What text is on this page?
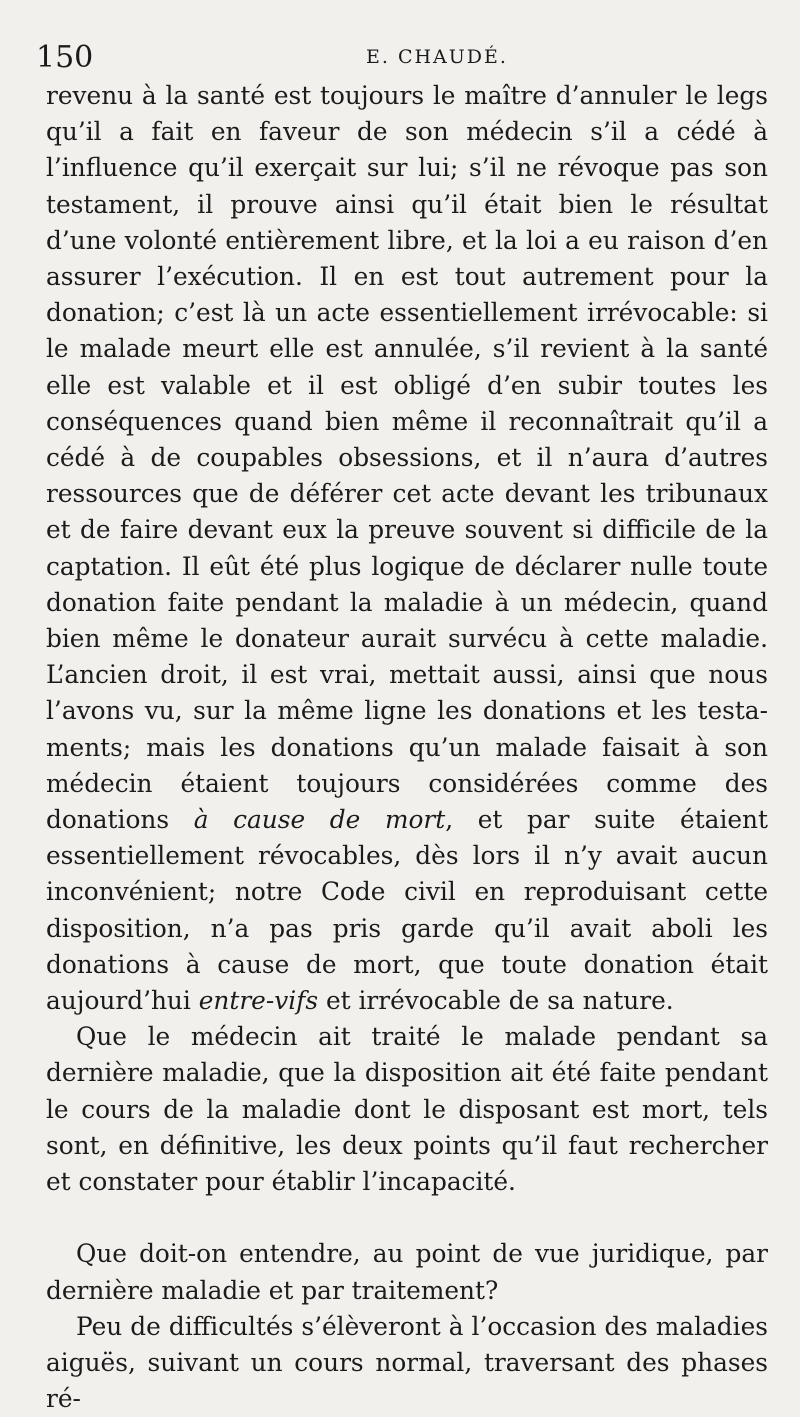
150	E. CHAUDÉ.

revenu à la santé est toujours le maître d’annuler le legs qu’il a fait en faveur de son médecin s’il a cédé à l’influence qu’il exerçait sur lui; s’il ne révoque pas son testament, il prouve ainsi qu’il était bien le résultat d’une volonté entièrement libre, et la loi a eu raison d’en assurer l’exécution. Il en est tout autrement pour la donation; c’est là un acte essentiellement irrévocable: si le malade meurt elle est annulée, s’il revient à la santé elle est valable et il est obligé d’en subir toutes les conséquences quand bien même il reconnaîtrait qu’il a cédé à de coupables obsessions, et il n’aura d’autres ressources que de déférer cet acte devant les tribunaux et de faire devant eux la preuve souvent si difficile de la captation. Il eût été plus logique de déclarer nulle toute donation faite pendant la maladie à un médecin, quand bien même le donateur aurait survécu à cette maladie. L’ancien droit, il est vrai, mettait aussi, ainsi que nous l’avons vu, sur la même ligne les donations et les testaments; mais les donations qu’un malade faisait à son médecin étaient toujours considérées comme des donations à cause de mort, et par suite étaient essentiellement révocables, dès lors il n’y avait aucun inconvénient; notre Code civil en reproduisant cette disposition, n’a pas pris garde qu’il avait aboli les donations à cause de mort, que toute donation était aujourd’hui entre-vifs et irrévocable de sa nature.

Que le médecin ait traité le malade pendant sa dernière maladie, que la disposition ait été faite pendant le cours de la maladie dont le disposant est mort, tels sont, en définitive, les deux points qu’il faut rechercher et constater pour établir l’incapacité.

Que doit-on entendre, au point de vue juridique, par dernière maladie et par traitement?

Peu de difficultés s’élèveront à l’occasion des maladies aiguës, suivant un cours normal, traversant des phases ré-
